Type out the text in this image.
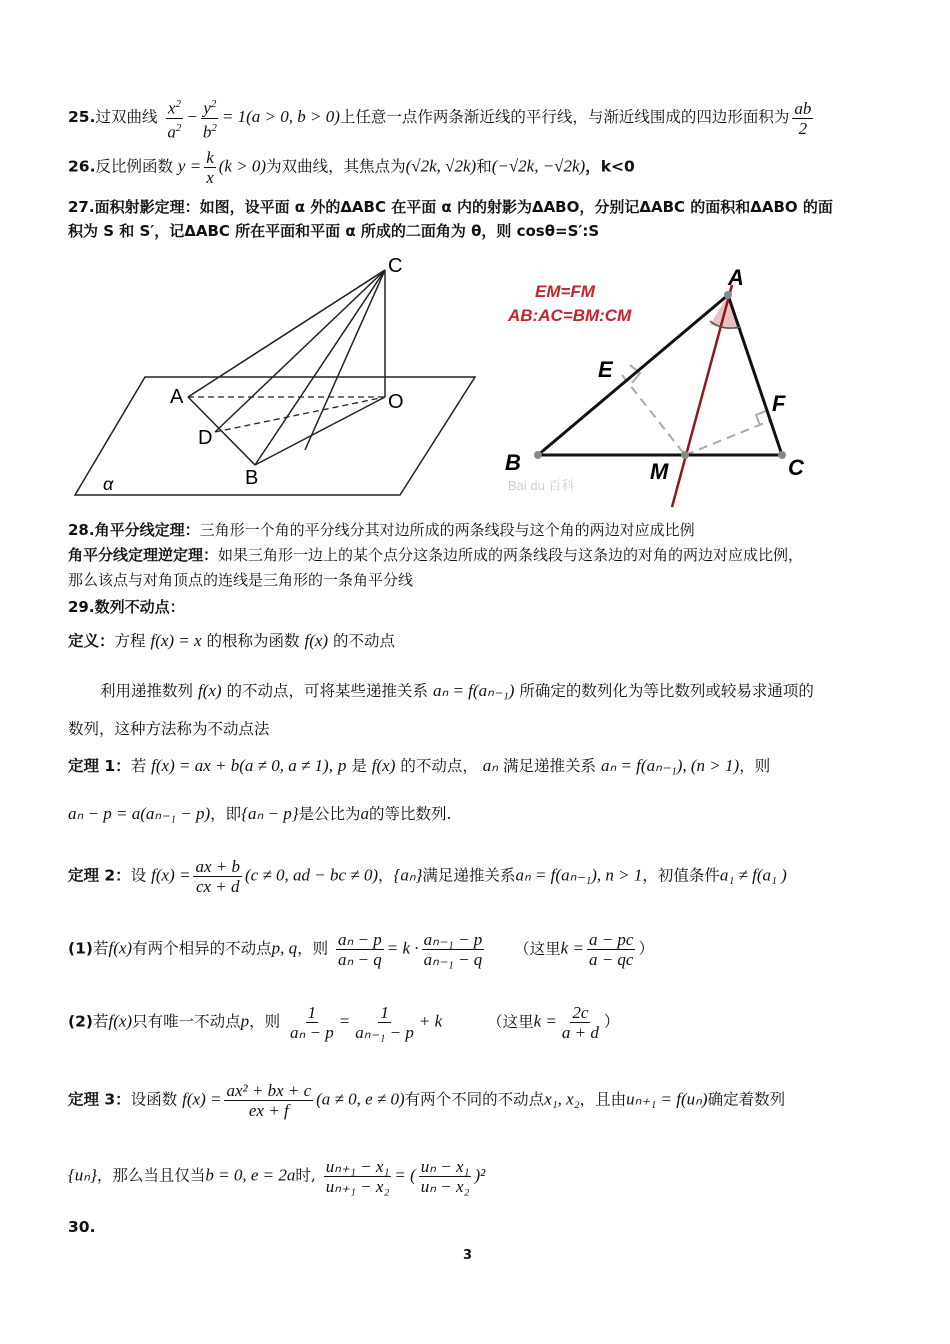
25.过双曲线 $\frac{x^2}{a^2} - \frac{y^2}{b^2} = 1(a > 0$, b > 0)上任意一点作两条渐近线的平行线，与渐近线围成的四边形面积为 $\frac{ab}{2}$
26.反比例函数 $y = \frac{k}{x} (k > 0)$为双曲线，其焦点为(√2k, √2k)和(−√2k, −√2k)，k<0
27.面积射影定理：如图，设平面 α 外的ΔABC 在平面 α 内的射影为ΔABO，分别记ΔABC 的面积和ΔABO 的面
积为 S 和 S′，记ΔABC 所在平面和平面 α 所成的二面角为 θ，则 cosθ=S′:S
C
A	O
D
B
α
EM=FM
AB:AC=BM:CM
Bai du 百科
A
E
F
B	M	C
28.角平分线定理：三角形一个角的平分线分其对边所成的两条线段与这个角的两边对应成比例
角平分线定理逆定理：如果三角形一边上的某个点分这条边所成的两条线段与这条边的对角的两边对应成比例，
那么该点与对角顶点的连线是三角形的一条角平分线
29.数列不动点：
定义：方程 f(x) = x 的根称为函数 f(x) 的不动点
利用递推数列 f(x) 的不动点，可将某些递推关系 aₙ = f(aₙ₋₁) 所确定的数列化为等比数列或较易求通项的
数列，这种方法称为不动点法
定理 1：若 f(x) = ax + b(a ≠ 0, a ≠ 1), p 是 f(x) 的不动点， aₙ 满足递推关系 aₙ = f(aₙ₋₁), (n > 1)，则
aₙ − p = a(aₙ₋₁ − p)，即{aₙ − p}是公比为a的等比数列.
定理 2：设 $f(x) = \frac{ax + b}{cx + d} (c \ne 0$, ad − bc ≠ 0)，{aₙ}满足递推关系aₙ = f(aₙ₋₁), n > 1，初值条件a₁ ≠ f(a₁ )
(1)若f(x)有两个相异的不动点p, q，则 $\frac{\text{aₙ − p}}{\text{aₙ − q}} = k \cdot \frac{\text{aₙ₋₁ − p}}{\text{aₙ₋₁ − q}}$ （这里$k = \frac{a - pc}{a - qc}$ ）
(2)若f(x)只有唯一不动点p，则 $\frac{1}{\text{aₙ − p}} = \frac{1}{\text{aₙ₋₁ − p}} + k$	（这里$k = \frac{2c}{a + d}$ ）
定理 3：设函数 $f(x) = \frac{\text{ax² + bx + c}}{ex + f} (a \ne 0$, e ≠ 0)有两个不同的不动点x₁, x₂，且由uₙ₊₁ = f(uₙ)确定着数列
{uₙ}，那么当且仅当b = 0, e = 2a时, $\frac{\text{uₙ₊₁ − x₁}}{\text{uₙ₊₁ − x₂}}$ = ( $\frac{\text{uₙ − x₁}}{\text{uₙ − x₂}} )^2$
30.
3
